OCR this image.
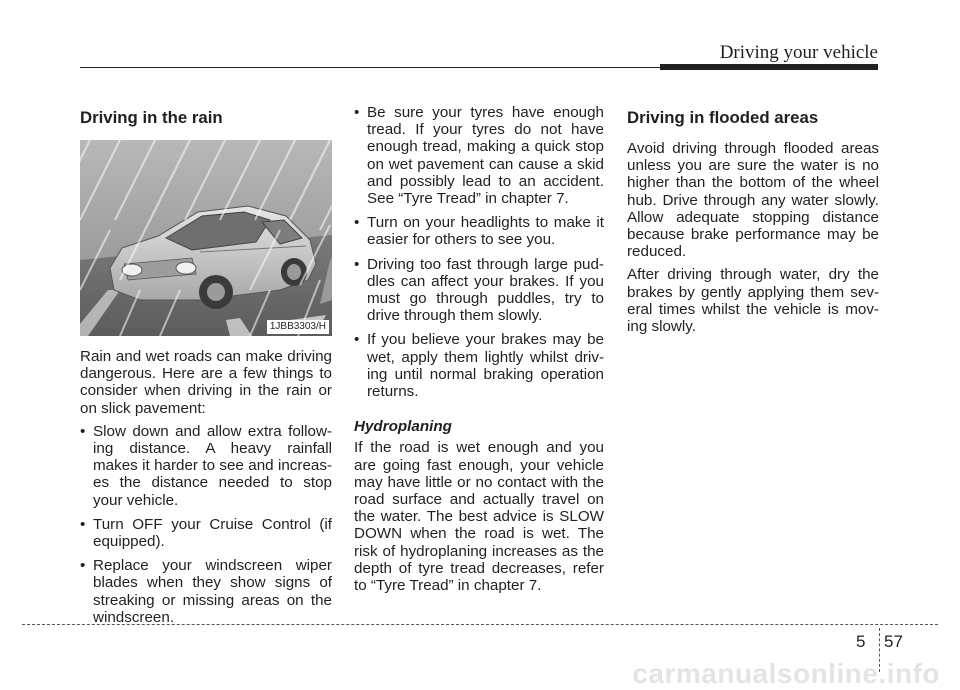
Driving your vehicle
Driving in the rain
1JBB3303/H

Rain and wet roads can make driving dangerous. Here are a few things to consider when driving in the rain or on slick pavement:

• Slow down and allow extra follow-ing distance. A heavy rainfall makes it harder to see and increas-es the distance needed to stop your vehicle.
• Turn OFF your Cruise Control (if equipped).
• Replace your windscreen wiper blades when they show signs of streaking or missing areas on the windscreen.
• Be sure your tyres have enough tread. If your tyres do not have enough tread, making a quick stop on wet pavement can cause a skid and possibly lead to an accident. See “Tyre Tread” in chapter 7.
• Turn on your headlights to make it easier for others to see you.
• Driving too fast through large pud-dles can affect your brakes. If you must go through puddles, try to drive through them slowly.
• If you believe your brakes may be wet, apply them lightly whilst driv-ing until normal braking operation returns.
Hydroplaning

If the road is wet enough and you are going fast enough, your vehicle may have little or no contact with the road surface and actually travel on the water. The best advice is SLOW DOWN when the road is wet. The risk of hydroplaning increases as the depth of tyre tread decreases, refer to “Tyre Tread” in chapter 7.

Driving in flooded areas

Avoid driving through flooded areas unless you are sure the water is no higher than the bottom of the wheel hub. Drive through any water slowly. Allow adequate stopping distance because brake performance may be reduced.

After driving through water, dry the brakes by gently applying them sev-eral times whilst the vehicle is mov-ing slowly.

5 57
carmanualsonline.info
